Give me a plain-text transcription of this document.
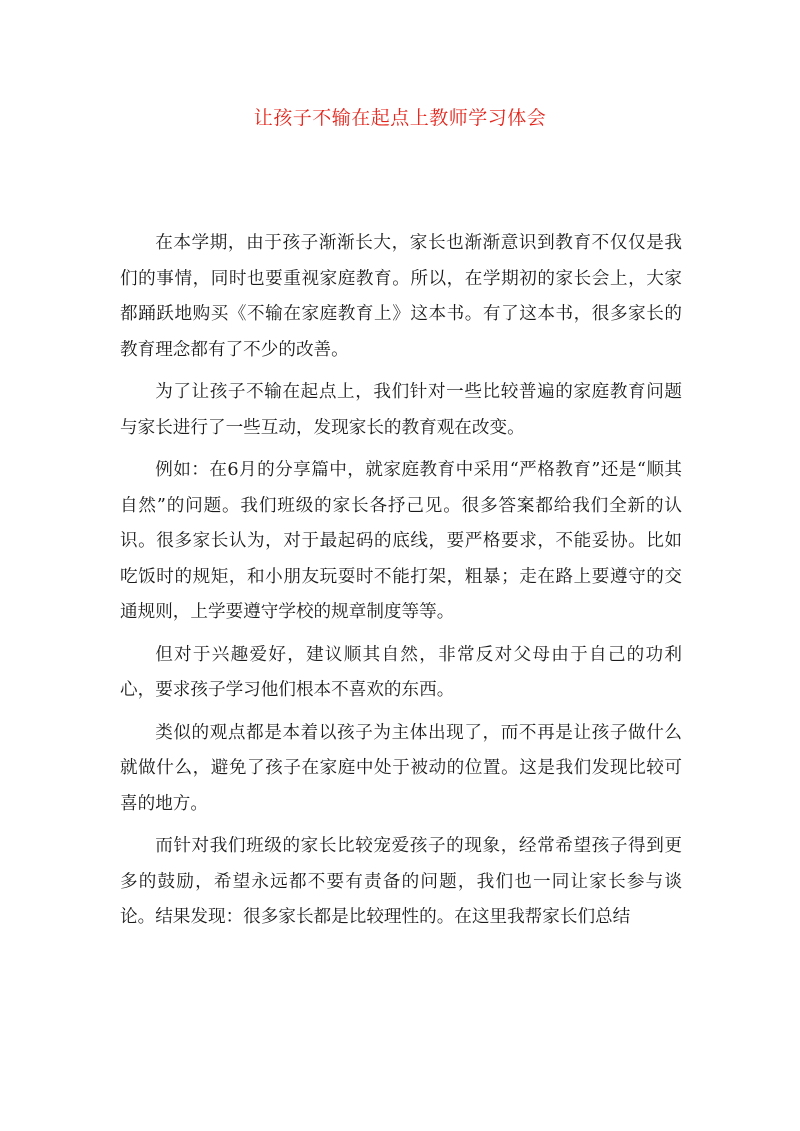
让孩子不输在起点上教师学习体会

在本学期，由于孩子渐渐长大，家长也渐渐意识到教育不仅仅是我们的事情，同时也要重视家庭教育。所以，在学期初的家长会上，大家都踊跃地购买《不输在家庭教育上》这本书。有了这本书，很多家长的教育理念都有了不少的改善。

为了让孩子不输在起点上，我们针对一些比较普遍的家庭教育问题与家长进行了一些互动，发现家长的教育观在改变。

例如：在6月的分享篇中，就家庭教育中采用“严格教育”还是“顺其自然”的问题。我们班级的家长各抒己见。很多答案都给我们全新的认识。很多家长认为，对于最起码的底线，要严格要求，不能妥协。比如吃饭时的规矩，和小朋友玩耍时不能打架，粗暴；走在路上要遵守的交通规则，上学要遵守学校的规章制度等等。

但对于兴趣爱好，建议顺其自然，非常反对父母由于自己的功利心，要求孩子学习他们根本不喜欢的东西。

类似的观点都是本着以孩子为主体出现了，而不再是让孩子做什么就做什么，避免了孩子在家庭中处于被动的位置。这是我们发现比较可喜的地方。

而针对我们班级的家长比较宠爱孩子的现象，经常希望孩子得到更多的鼓励，希望永远都不要有责备的问题，我们也一同让家长参与谈论。结果发现：很多家长都是比较理性的。在这里我帮家长们总结
